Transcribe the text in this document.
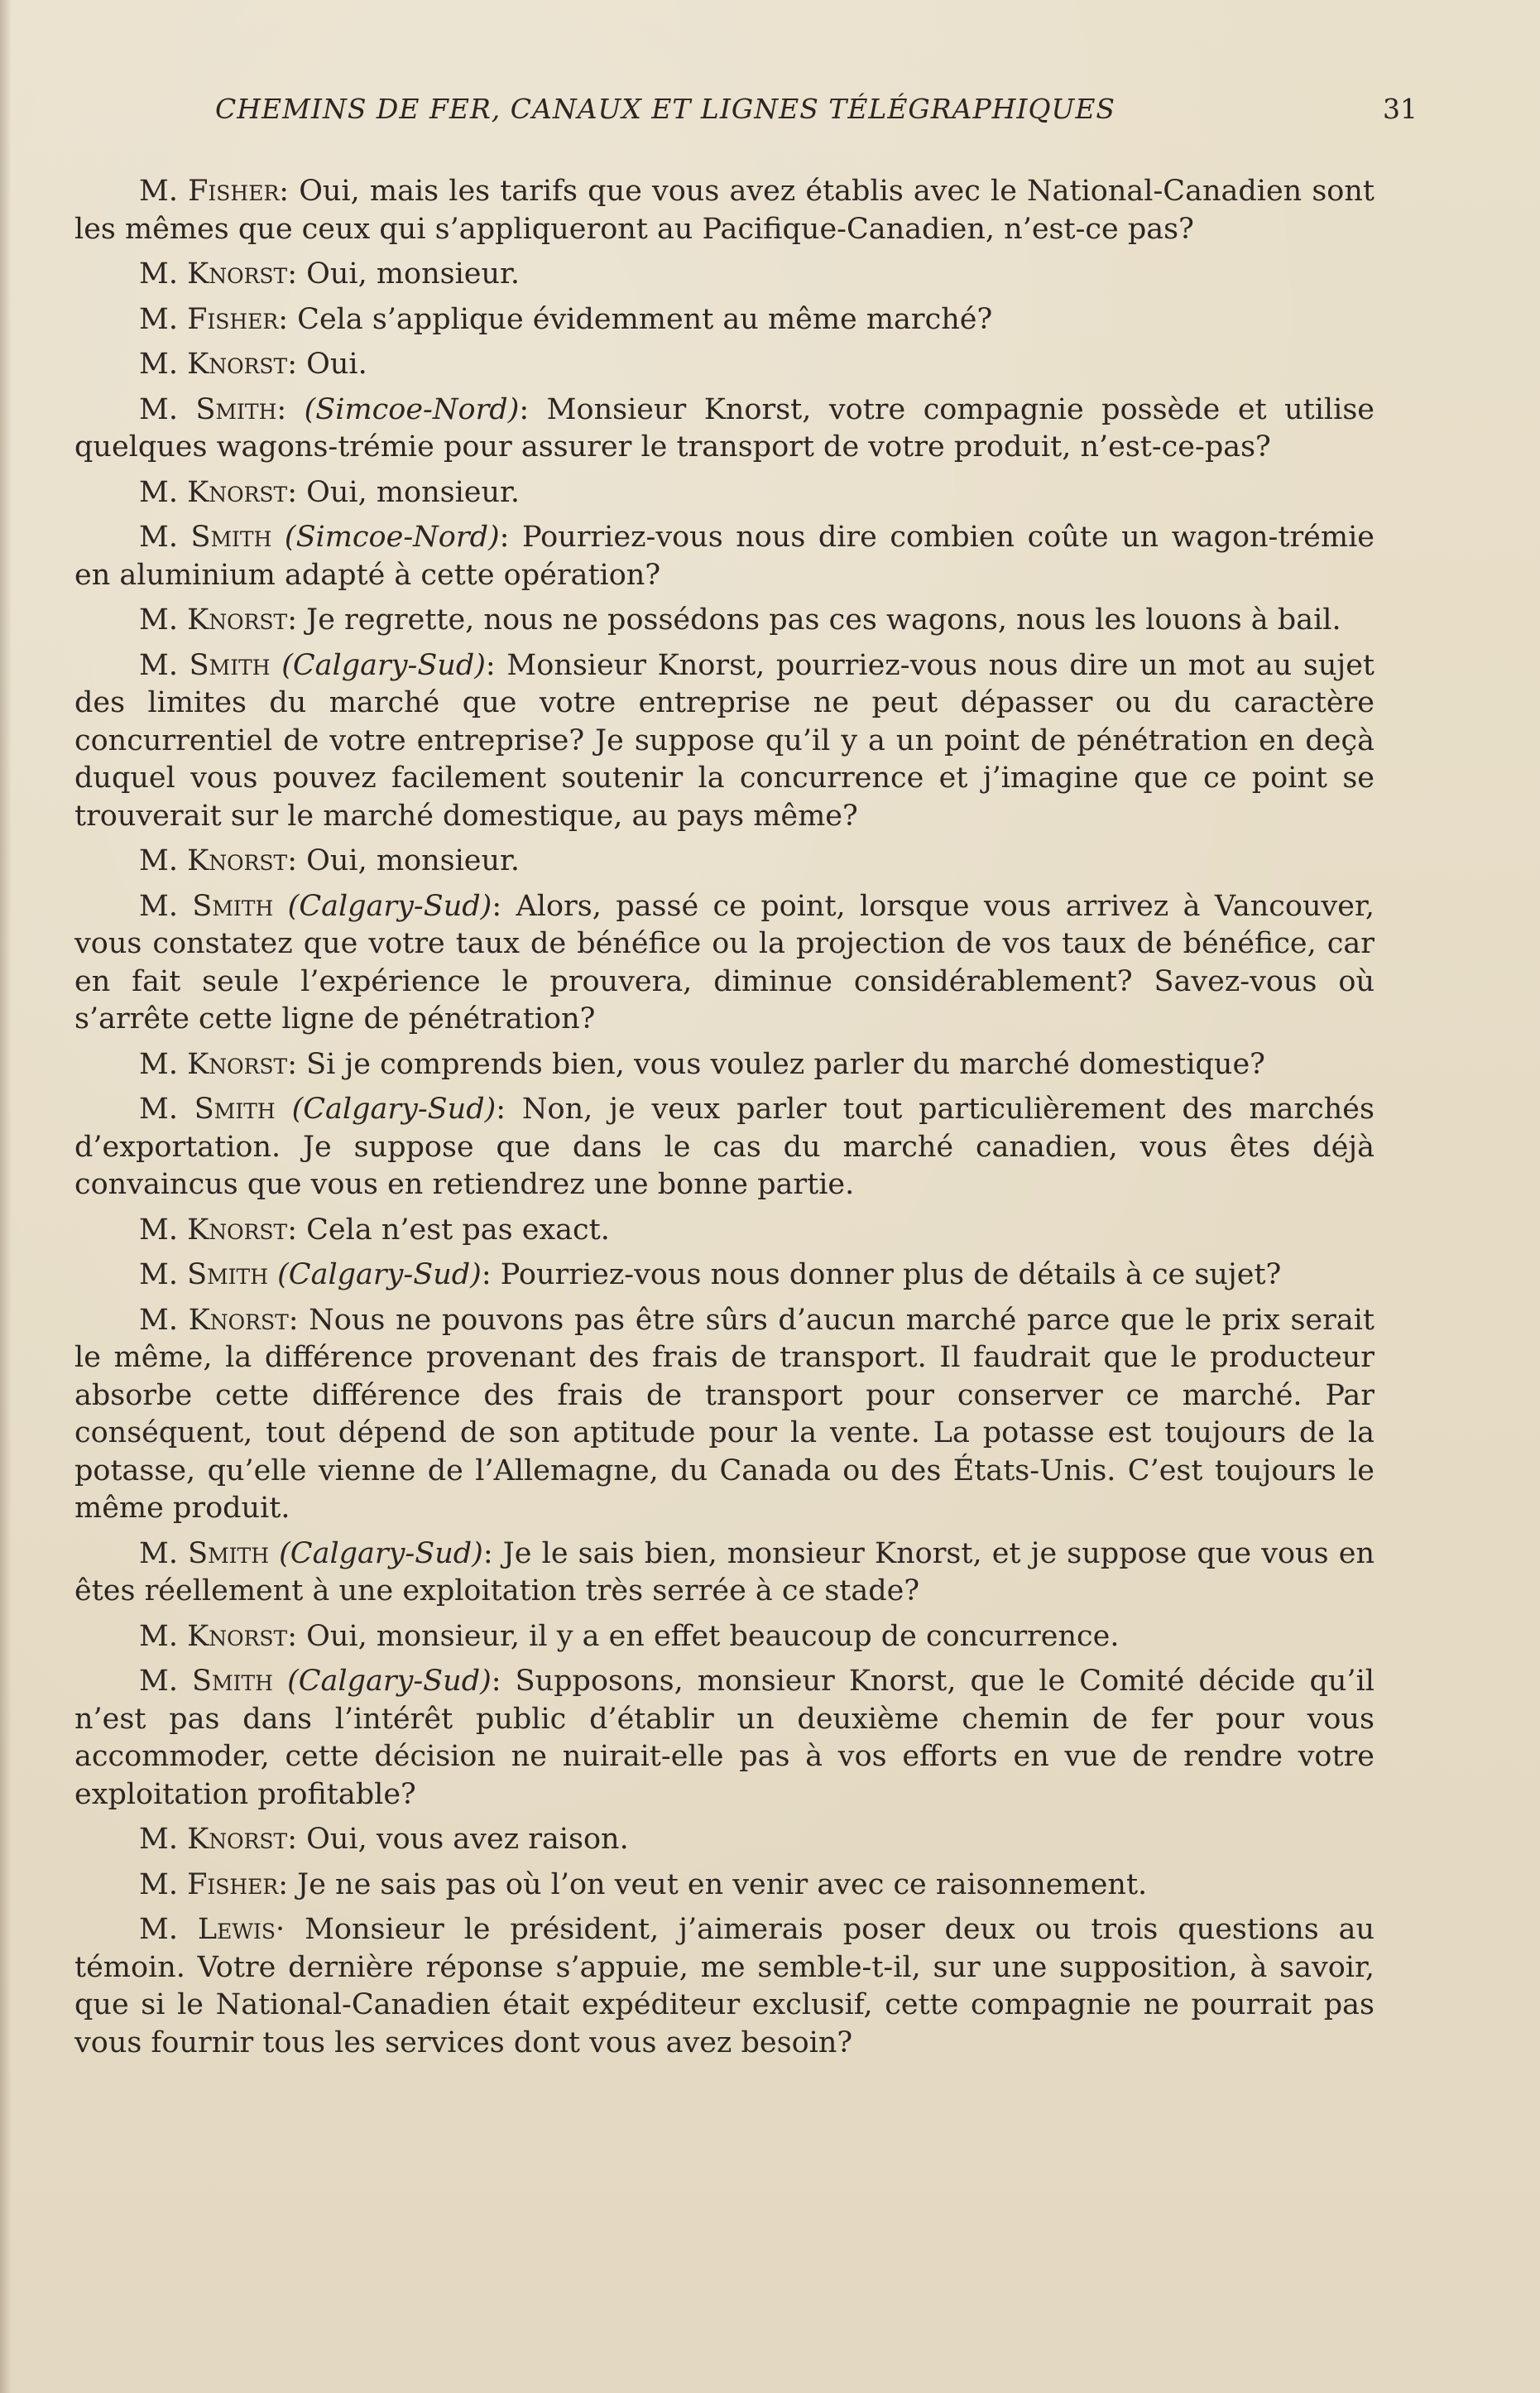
CHEMINS DE FER, CANAUX ET LIGNES TÉLÉGRAPHIQUES	31

M. Fisher: Oui, mais les tarifs que vous avez établis avec le National-Canadien sont les mêmes que ceux qui s’appliqueront au Pacifique-Canadien, n’est-ce pas?

M. Knorst: Oui, monsieur.

M. Fisher: Cela s’applique évidemment au même marché?

M. Knorst: Oui.

M. Smith: (Simcoe-Nord): Monsieur Knorst, votre compagnie possède et utilise quelques wagons-trémie pour assurer le transport de votre produit, n’est-ce-pas?

M. Knorst: Oui, monsieur.

M. Smith (Simcoe-Nord): Pourriez-vous nous dire combien coûte un wagon-trémie en aluminium adapté à cette opération?

M. Knorst: Je regrette, nous ne possédons pas ces wagons, nous les louons à bail.

M. Smith (Calgary-Sud): Monsieur Knorst, pourriez-vous nous dire un mot au sujet des limites du marché que votre entreprise ne peut dépasser ou du caractère concurrentiel de votre entreprise? Je suppose qu’il y a un point de pénétration en deçà duquel vous pouvez facilement soutenir la concurrence et j’imagine que ce point se trouverait sur le marché domestique, au pays même?

M. Knorst: Oui, monsieur.

M. Smith (Calgary-Sud): Alors, passé ce point, lorsque vous arrivez à Vancouver, vous constatez que votre taux de bénéfice ou la projection de vos taux de bénéfice, car en fait seule l’expérience le prouvera, diminue considérablement? Savez-vous où s’arrête cette ligne de pénétration?

M. Knorst: Si je comprends bien, vous voulez parler du marché domestique?

M. Smith (Calgary-Sud): Non, je veux parler tout particulièrement des marchés d’exportation. Je suppose que dans le cas du marché canadien, vous êtes déjà convaincus que vous en retiendrez une bonne partie.

M. Knorst: Cela n’est pas exact.

M. Smith (Calgary-Sud): Pourriez-vous nous donner plus de détails à ce sujet?

M. Knorst: Nous ne pouvons pas être sûrs d’aucun marché parce que le prix serait le même, la différence provenant des frais de transport. Il faudrait que le producteur absorbe cette différence des frais de transport pour conserver ce marché. Par conséquent, tout dépend de son aptitude pour la vente. La potasse est toujours de la potasse, qu’elle vienne de l’Allemagne, du Canada ou des États-Unis. C’est toujours le même produit.

M. Smith (Calgary-Sud): Je le sais bien, monsieur Knorst, et je suppose que vous en êtes réellement à une exploitation très serrée à ce stade?

M. Knorst: Oui, monsieur, il y a en effet beaucoup de concurrence.

M. Smith (Calgary-Sud): Supposons, monsieur Knorst, que le Comité décide qu’il n’est pas dans l’intérêt public d’établir un deuxième chemin de fer pour vous accommoder, cette décision ne nuirait-elle pas à vos efforts en vue de rendre votre exploitation profitable?

M. Knorst: Oui, vous avez raison.

M. Fisher: Je ne sais pas où l’on veut en venir avec ce raisonnement.

M. Lewis· Monsieur le président, j’aimerais poser deux ou trois questions au témoin. Votre dernière réponse s’appuie, me semble-t-il, sur une supposition, à savoir, que si le National-Canadien était expéditeur exclusif, cette compagnie ne pourrait pas vous fournir tous les services dont vous avez besoin?
